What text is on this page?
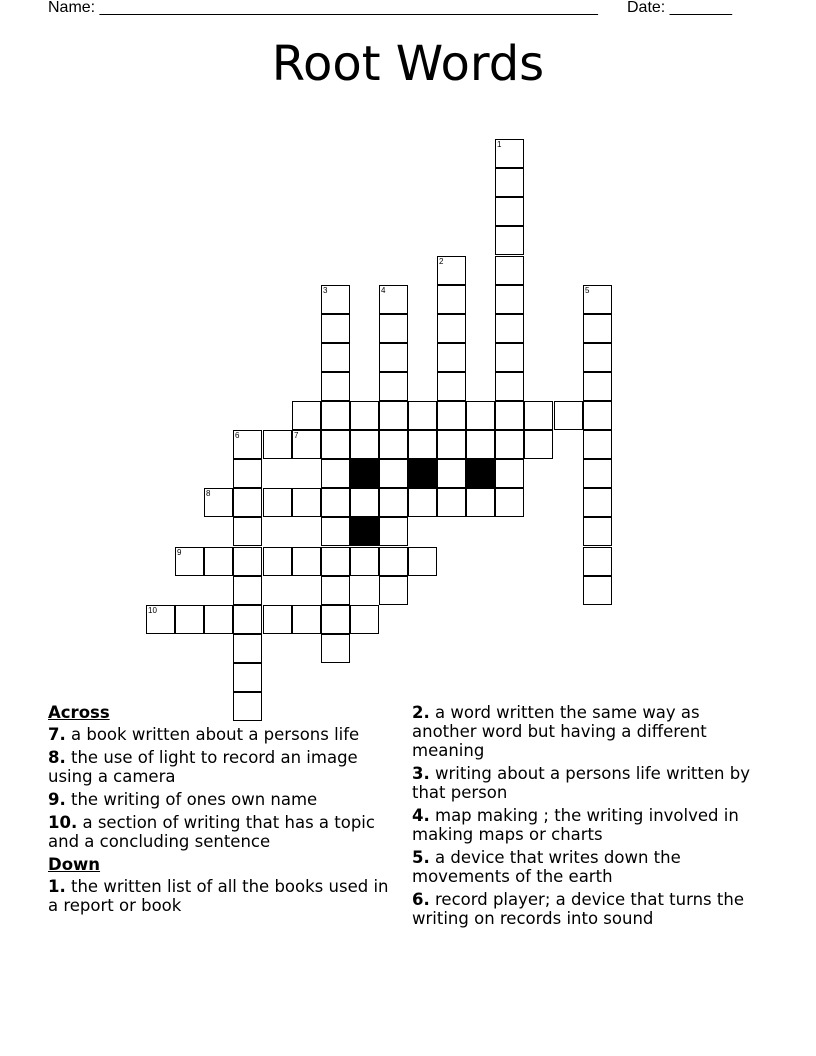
Name: ________________________________________________________ Date: _______
Root Words
1
2
3	4	5
6	7
8
9
10
Across
7. a book written about a persons life
8. the use of light to record an image using a camera
9. the writing of ones own name
10. a section of writing that has a topic and a concluding sentence
Down
1. the written list of all the books used in a report or book
2. a word written the same way as another word but having a different meaning
3. writing about a persons life written by that person
4. map making ; the writing involved in making maps or charts
5. a device that writes down the movements of the earth
6. record player; a device that turns the writing on records into sound
